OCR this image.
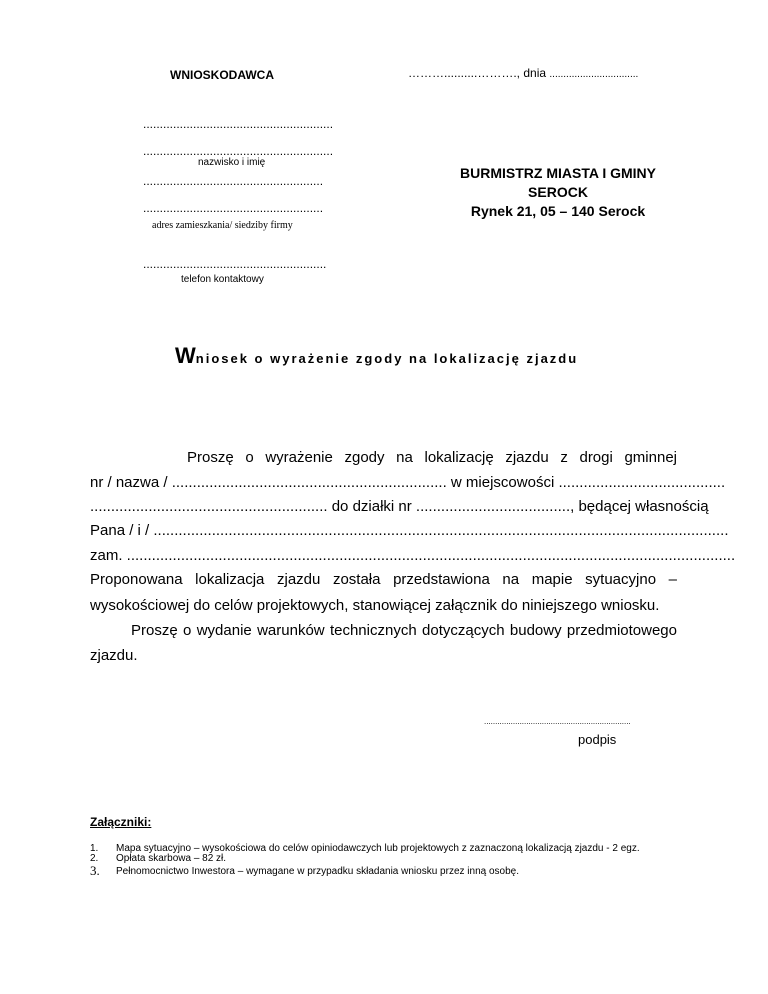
WNIOSKODAWCA	………..........………., dnia ................................
.........................................................
.........................................................
nazwisko i imię
......................................................
......................................................
adres zamieszkania/ siedziby firmy
.......................................................
telefon kontaktowy
BURMISTRZ MIASTA I GMINY
SEROCK
Rynek 21, 05 – 140 Serock
Wniosek o wyrażenie zgody na lokalizację zjazdu
Proszę o wyrażenie zgody na lokalizację zjazdu z drogi gminnej
nr / nazwa / .................................................................. w miejscowości ........................................
......................................................... do działki nr ....................................., będącej własnością
Pana / i / ..........................................................................................................................................
zam. ..................................................................................................................................................
Proponowana lokalizacja zjazdu została przedstawiona na mapie sytuacyjno –
wysokościowej do celów projektowych, stanowiącej załącznik do niniejszego wniosku.
Proszę o wydanie warunków technicznych dotyczących budowy przedmiotowego
zjazdu.
..................................................................
podpis
Załączniki:
1. Mapa sytuacyjno – wysokościowa do celów opiniodawczych lub projektowych z zaznaczoną lokalizacją zjazdu - 2 egz.
2. Opłata skarbowa – 82 zł.
3. Pełnomocnictwo Inwestora – wymagane w przypadku składania wniosku przez inną osobę.
